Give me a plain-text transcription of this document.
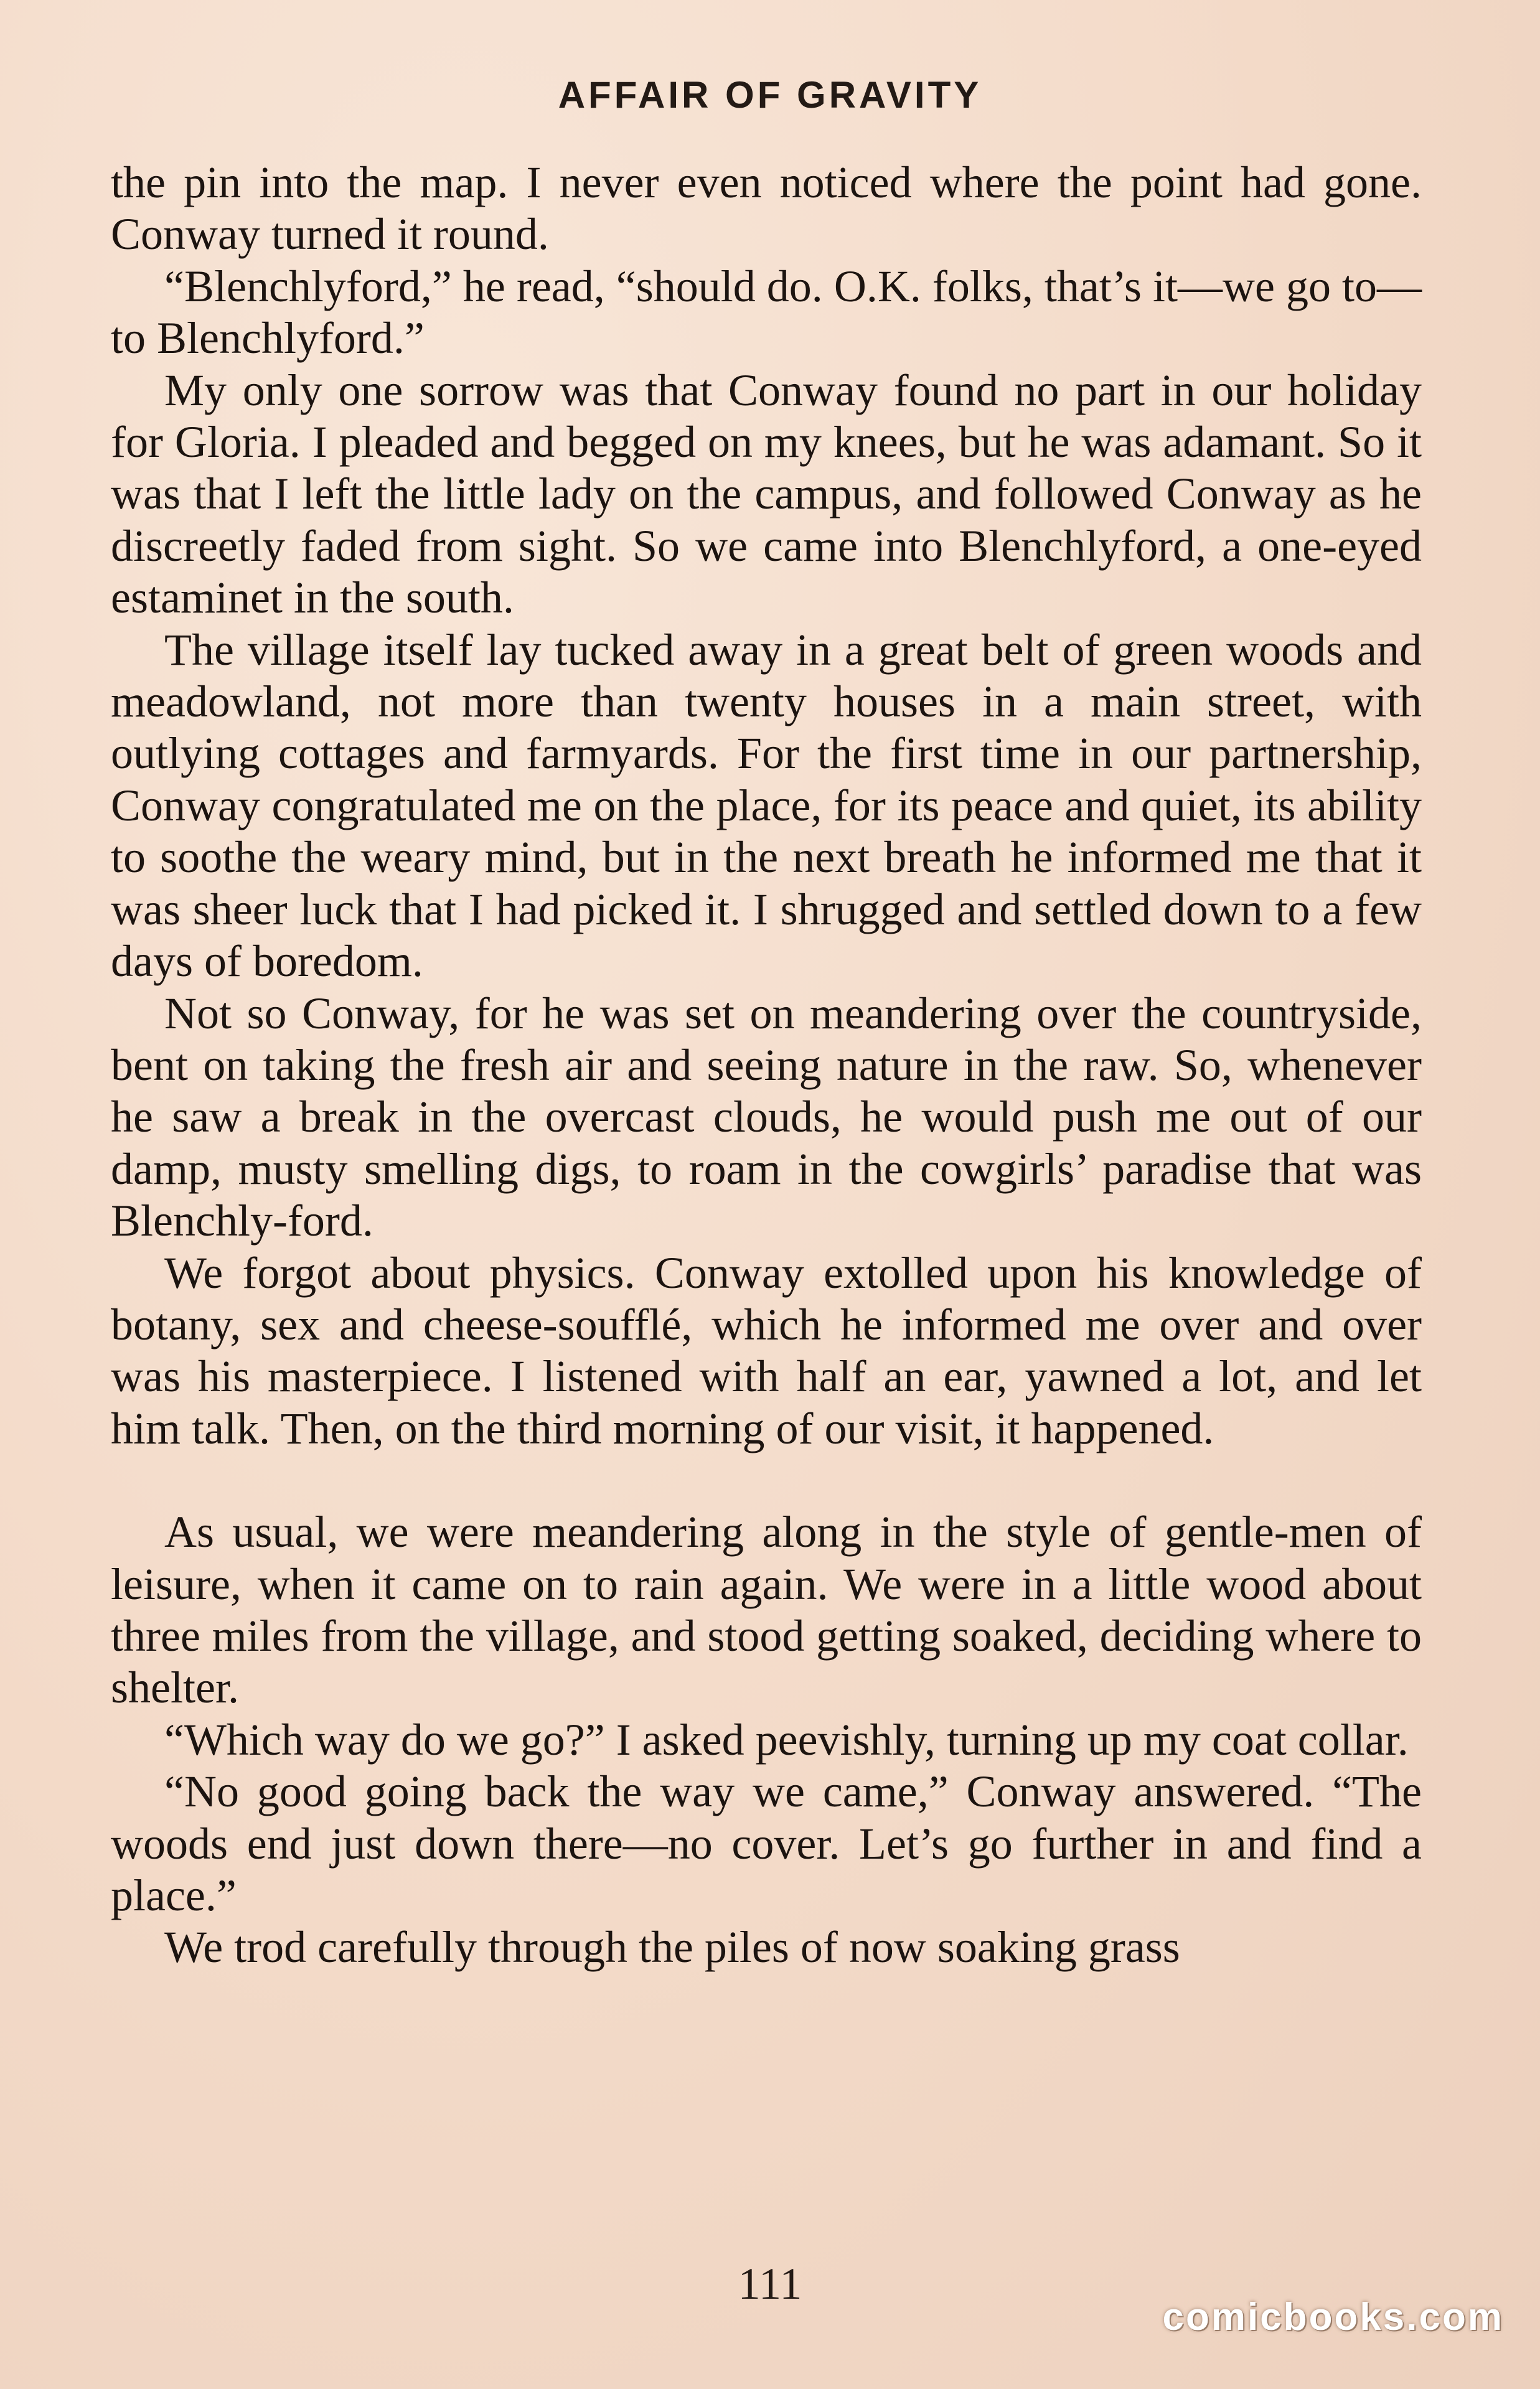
AFFAIR OF GRAVITY

the pin into the map. I never even noticed where the point had gone. Conway turned it round.

“Blenchlyford,” he read, “should do. O.K. folks, that’s it—we go to—to Blenchlyford.”

My only one sorrow was that Conway found no part in our holiday for Gloria. I pleaded and begged on my knees, but he was adamant. So it was that I left the little lady on the campus, and followed Conway as he discreetly faded from sight. So we came into Blenchlyford, a one-eyed estaminet in the south.

The village itself lay tucked away in a great belt of green woods and meadowland, not more than twenty houses in a main street, with outlying cottages and farmyards. For the first time in our partnership, Conway congratulated me on the place, for its peace and quiet, its ability to soothe the weary mind, but in the next breath he informed me that it was sheer luck that I had picked it. I shrugged and settled down to a few days of boredom.

Not so Conway, for he was set on meandering over the countryside, bent on taking the fresh air and seeing nature in the raw. So, whenever he saw a break in the overcast clouds, he would push me out of our damp, musty smelling digs, to roam in the cowgirls’ paradise that was Blenchly-ford.

We forgot about physics. Conway extolled upon his knowledge of botany, sex and cheese-soufflé, which he informed me over and over was his masterpiece. I listened with half an ear, yawned a lot, and let him talk. Then, on the third morning of our visit, it happened.

As usual, we were meandering along in the style of gentle-men of leisure, when it came on to rain again. We were in a little wood about three miles from the village, and stood getting soaked, deciding where to shelter.

“Which way do we go?” I asked peevishly, turning up my coat collar.

“No good going back the way we came,” Conway answered. “The woods end just down there—no cover. Let’s go further in and find a place.”

We trod carefully through the piles of now soaking grass

111
comicbooks.com
